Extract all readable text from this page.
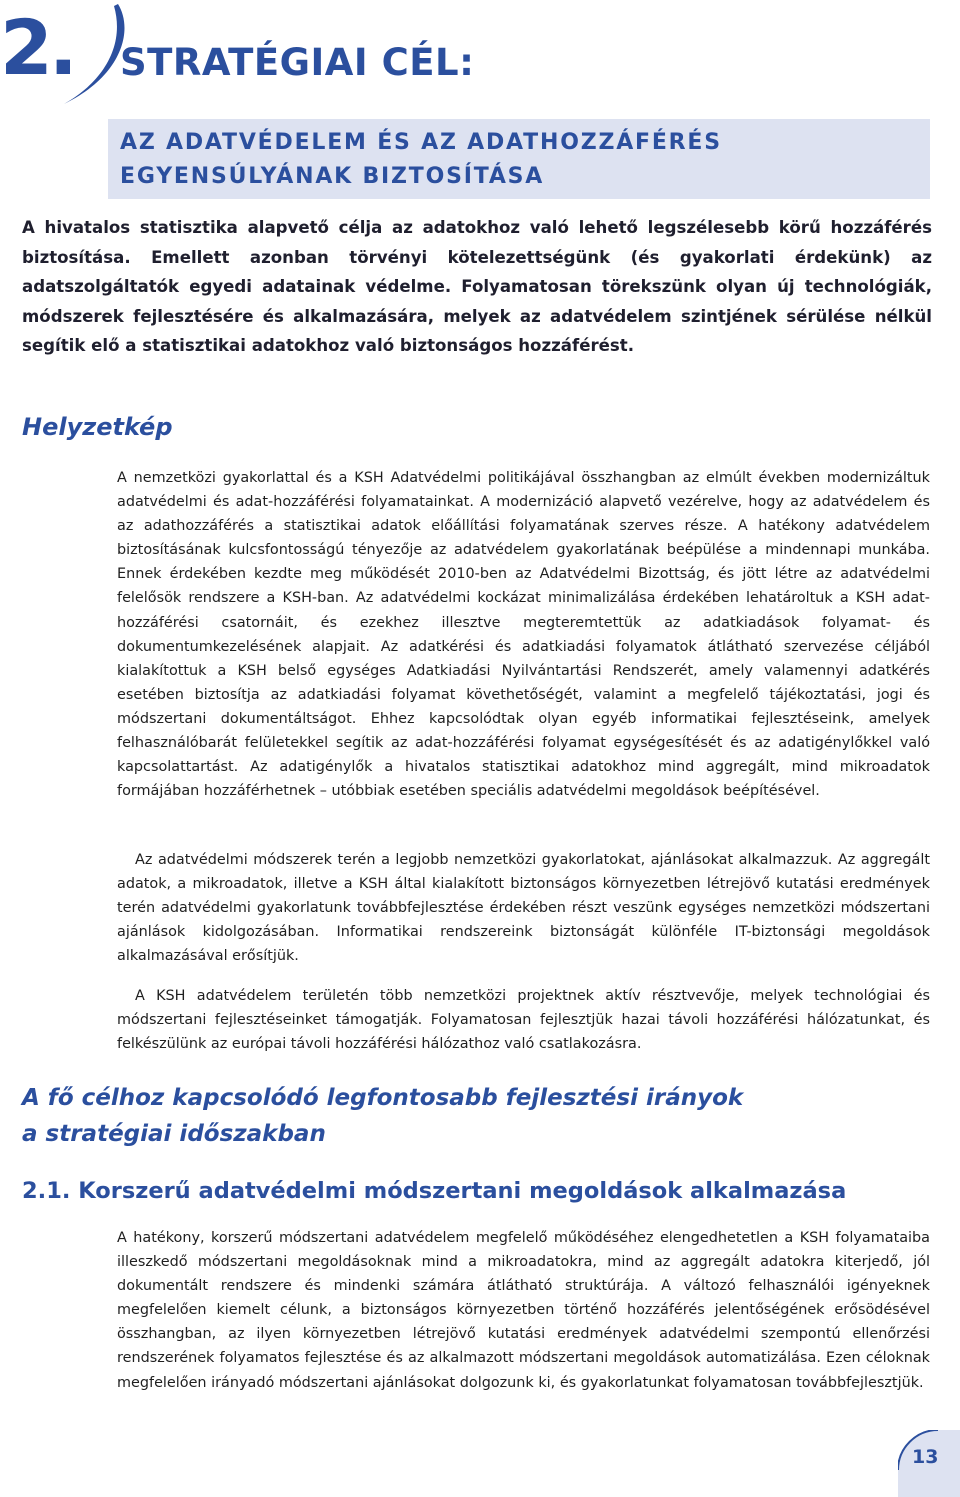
2. STRATÉGIAI CÉL:
AZ ADATVÉDELEM ÉS AZ ADATHOZZÁFÉRÉS EGYENSÚLYÁNAK BIZTOSÍTÁSA

A hivatalos statisztika alapvető célja az adatokhoz való lehető legszélesebb körű hozzáférés biztosítása. Emellett azonban törvényi kötelezettségünk (és gyakorlati érdekünk) az adatszolgáltatók egyedi adatainak védelme. Folyamatosan törekszünk olyan új technológiák, módszerek fejlesztésére és alkalmazására, melyek az adatvédelem szintjének sérülése nélkül segítik elő a statisztikai adatokhoz való biztonságos hozzáférést.

Helyzetkép

A nemzetközi gyakorlattal és a KSH Adatvédelmi politikájával összhangban az elmúlt években modernizáltuk adatvédelmi és adat-hozzáférési folyamatainkat. A modernizáció alapvető vezérelve, hogy az adatvédelem és az adathozzáférés a statisztikai adatok előállítási folyamatának szerves része. A hatékony adatvédelem biztosításának kulcsfontosságú tényezője az adatvédelem gyakorlatának beépülése a mindennapi munkába. Ennek érdekében kezdte meg működését 2010-ben az Adatvédelmi Bizottság, és jött létre az adatvédelmi felelősök rendszere a KSH-ban. Az adatvédelmi kockázat minimalizálása érdekében lehatároltuk a KSH adat-hozzáférési csatornáit, és ezekhez illesztve megteremtettük az adatkiadások folyamat- és dokumentumkezelésének alapjait. Az adatkérési és adatkiadási folyamatok átlátható szervezése céljából kialakítottuk a KSH belső egységes Adatkiadási Nyilvántartási Rendszerét, amely valamennyi adatkérés esetében biztosítja az adatkiadási folyamat követhetőségét, valamint a megfelelő tájékoztatási, jogi és módszertani dokumentáltságot. Ehhez kapcsolódtak olyan egyéb informatikai fejlesztéseink, amelyek felhasználóbarát felületekkel segítik az adat-hozzáférési folyamat egységesítését és az adatigénylőkkel való kapcsolattartást. Az adatigénylők a hivatalos statisztikai adatokhoz mind aggregált, mind mikroadatok formájában hozzáférhetnek – utóbbiak esetében speciális adatvédelmi megoldások beépítésével.

Az adatvédelmi módszerek terén a legjobb nemzetközi gyakorlatokat, ajánlásokat alkalmazzuk. Az aggregált adatok, a mikroadatok, illetve a KSH által kialakított biztonságos környezetben létrejövő kutatási eredmények terén adatvédelmi gyakorlatunk továbbfejlesztése érdekében részt veszünk egységes nemzetközi módszertani ajánlások kidolgozásában. Informatikai rendszereink biztonságát különféle IT-biztonsági megoldások alkalmazásával erősítjük.

A KSH adatvédelem területén több nemzetközi projektnek aktív résztvevője, melyek technológiai és módszertani fejlesztéseinket támogatják. Folyamatosan fejlesztjük hazai távoli hozzáférési hálózatunkat, és felkészülünk az európai távoli hozzáférési hálózathoz való csatlakozásra.

A fő célhoz kapcsolódó legfontosabb fejlesztési irányok
a stratégiai időszakban
2.1. Korszerű adatvédelmi módszertani megoldások alkalmazása

A hatékony, korszerű módszertani adatvédelem megfelelő működéséhez elengedhetetlen a KSH folyamataiba illeszkedő módszertani megoldásoknak mind a mikroadatokra, mind az aggregált adatokra kiterjedő, jól dokumentált rendszere és mindenki számára átlátható struktúrája. A változó felhasználói igényeknek megfelelően kiemelt célunk, a biztonságos környezetben történő hozzáférés jelentőségének erősödésével összhangban, az ilyen környezetben létrejövő kutatási eredmények adatvédelmi szempontú ellenőrzési rendszerének folyamatos fejlesztése és az alkalmazott módszertani megoldások automatizálása. Ezen céloknak megfelelően irányadó módszertani ajánlásokat dolgozunk ki, és gyakorlatunkat folyamatosan továbbfejlesztjük.

13
